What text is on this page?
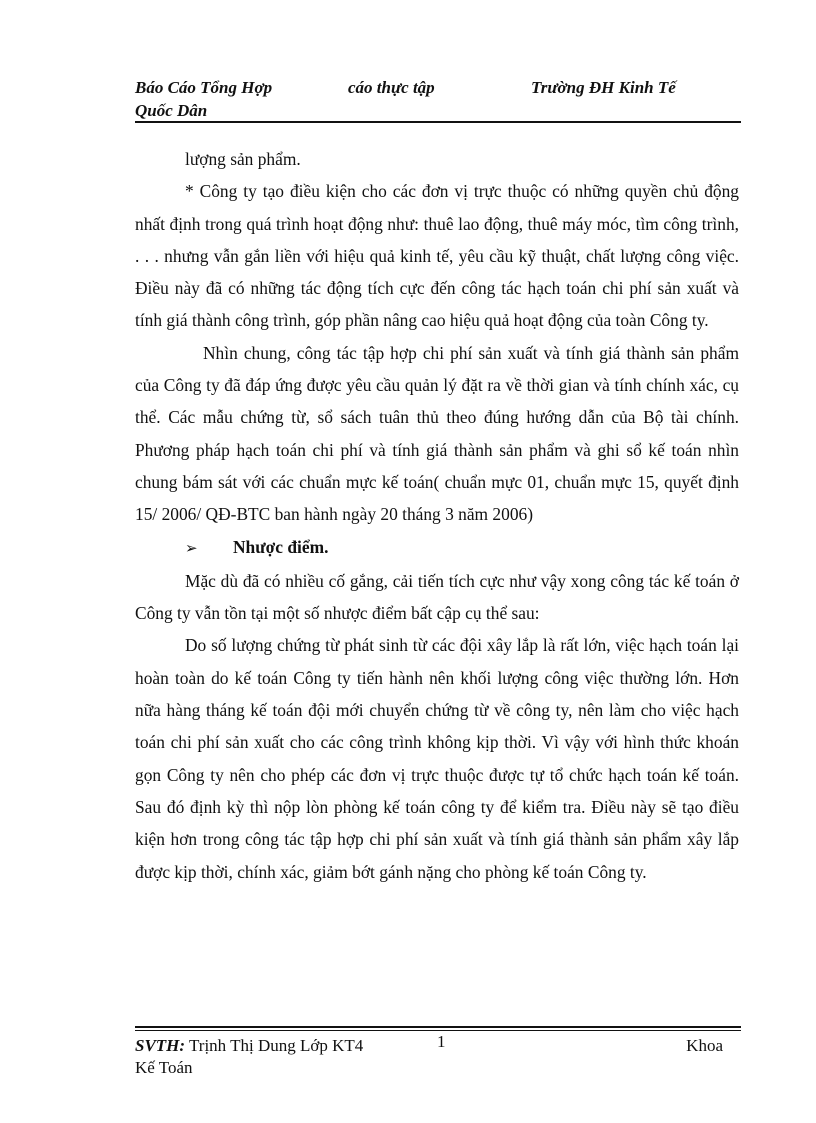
Báo Cáo Tổng Hợp	cáo thực tập	Trường ĐH Kinh Tế
Quốc Dân

lượng sản phẩm.

* Công ty tạo điều kiện cho các đơn vị trực thuộc có những quyền chủ động nhất định trong quá trình hoạt động như: thuê lao động, thuê máy móc, tìm công trình, . . . nhưng vẫn gắn liền với hiệu quả kinh tế, yêu cầu kỹ thuật, chất lượng công việc. Điều này đã có những tác động tích cực đến công tác hạch toán chi phí sản xuất và tính giá thành công trình, góp phần nâng cao hiệu quả hoạt động của toàn Công ty.

Nhìn chung, công tác tập hợp chi phí sản xuất và tính giá thành sản phẩm của Công ty đã đáp ứng được yêu cầu quản lý đặt ra về thời gian và tính chính xác, cụ thể. Các mẫu chứng từ, sổ sách tuân thủ theo đúng hướng dẫn của Bộ tài chính. Phương pháp hạch toán chi phí và tính giá thành sản phẩm và ghi sổ kế toán nhìn chung bám sát với các chuẩn mực kế toán( chuẩn mực 01, chuẩn mực 15, quyết định 15/ 2006/ QĐ-BTC ban hành ngày 20 tháng 3 năm 2006)

➢	Nhược điểm.

Mặc dù đã có nhiều cố gắng, cải tiến tích cực như vậy xong công tác kế toán ở Công ty vẫn tồn tại một số nhược điểm bất cập cụ thể sau:

Do số lượng chứng từ phát sinh từ các đội xây lắp là rất lớn, việc hạch toán lại hoàn toàn do kế toán Công ty tiến hành nên khối lượng công việc thường lớn. Hơn nữa hàng tháng kế toán đội mới chuyển chứng từ về công ty, nên làm cho việc hạch toán chi phí sản xuất cho các công trình không kịp thời. Vì vậy với hình thức khoán gọn Công ty nên cho phép các đơn vị trực thuộc được tự tổ chức hạch toán kế toán. Sau đó định kỳ thì nộp lòn phòng kế toán công ty để kiểm tra. Điều này sẽ tạo điều kiện hơn trong công tác tập hợp chi phí sản xuất và tính giá thành sản phẩm xây lắp được kịp thời, chính xác, giảm bớt gánh nặng cho phòng kế toán Công ty.

SVTH: Trịnh Thị Dung Lớp KT4	1	Khoa
Kế Toán
